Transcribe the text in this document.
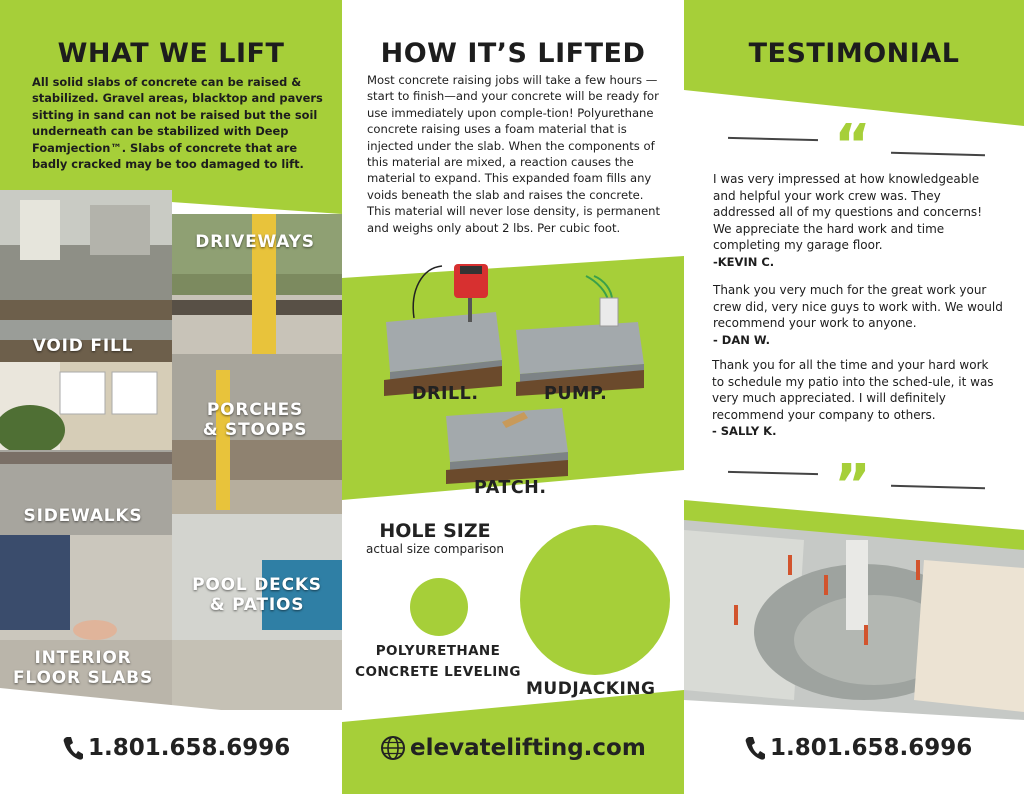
WHAT WE LIFT
All solid slabs of concrete can be raised & stabilized. Gravel areas, blacktop and pavers sitting in sand can not be raised but the soil underneath can be stabilized with Deep Foamjection™. Slabs of concrete that are badly cracked may be too damaged to lift.
DRIVEWAYS
VOID FILL
PORCHES
& STOOPS
SIDEWALKS
POOL DECKS
& PATIOS
INTERIOR
FLOOR SLABS
1.801.658.6996
HOW IT’S LIFTED
Most concrete raising jobs will take a few hours —start to finish—and your concrete will be ready for use immediately upon comple-tion! Polyurethane concrete raising uses a foam material that is injected under the slab. When the components of this material are mixed, a reaction causes the material to expand. This expanded foam fills any voids beneath the slab and raises the concrete. This material will never lose density, is permanent and weighs only about 2 lbs. Per cubic foot.
DRILL.	PUMP.
PATCH.
HOLE SIZE
actual size comparison
POLYURETHANE
CONCRETE LEVELING
MUDJACKING
elevatelifting.com
TESTIMONIAL
“
I was very impressed at how knowledgeable and helpful your work crew was. They addressed all of my questions and concerns! We appreciate the hard work and time completing my garage floor.
-KEVIN C.
Thank you very much for the great work your crew did, very nice guys to work with. We would recommend your work to anyone.
- DAN W.
Thank you for all the time and your hard work to schedule my patio into the sched-ule, it was very much appreciated. I will definitely recommend your company to others.
- SALLY K.
”
1.801.658.6996
